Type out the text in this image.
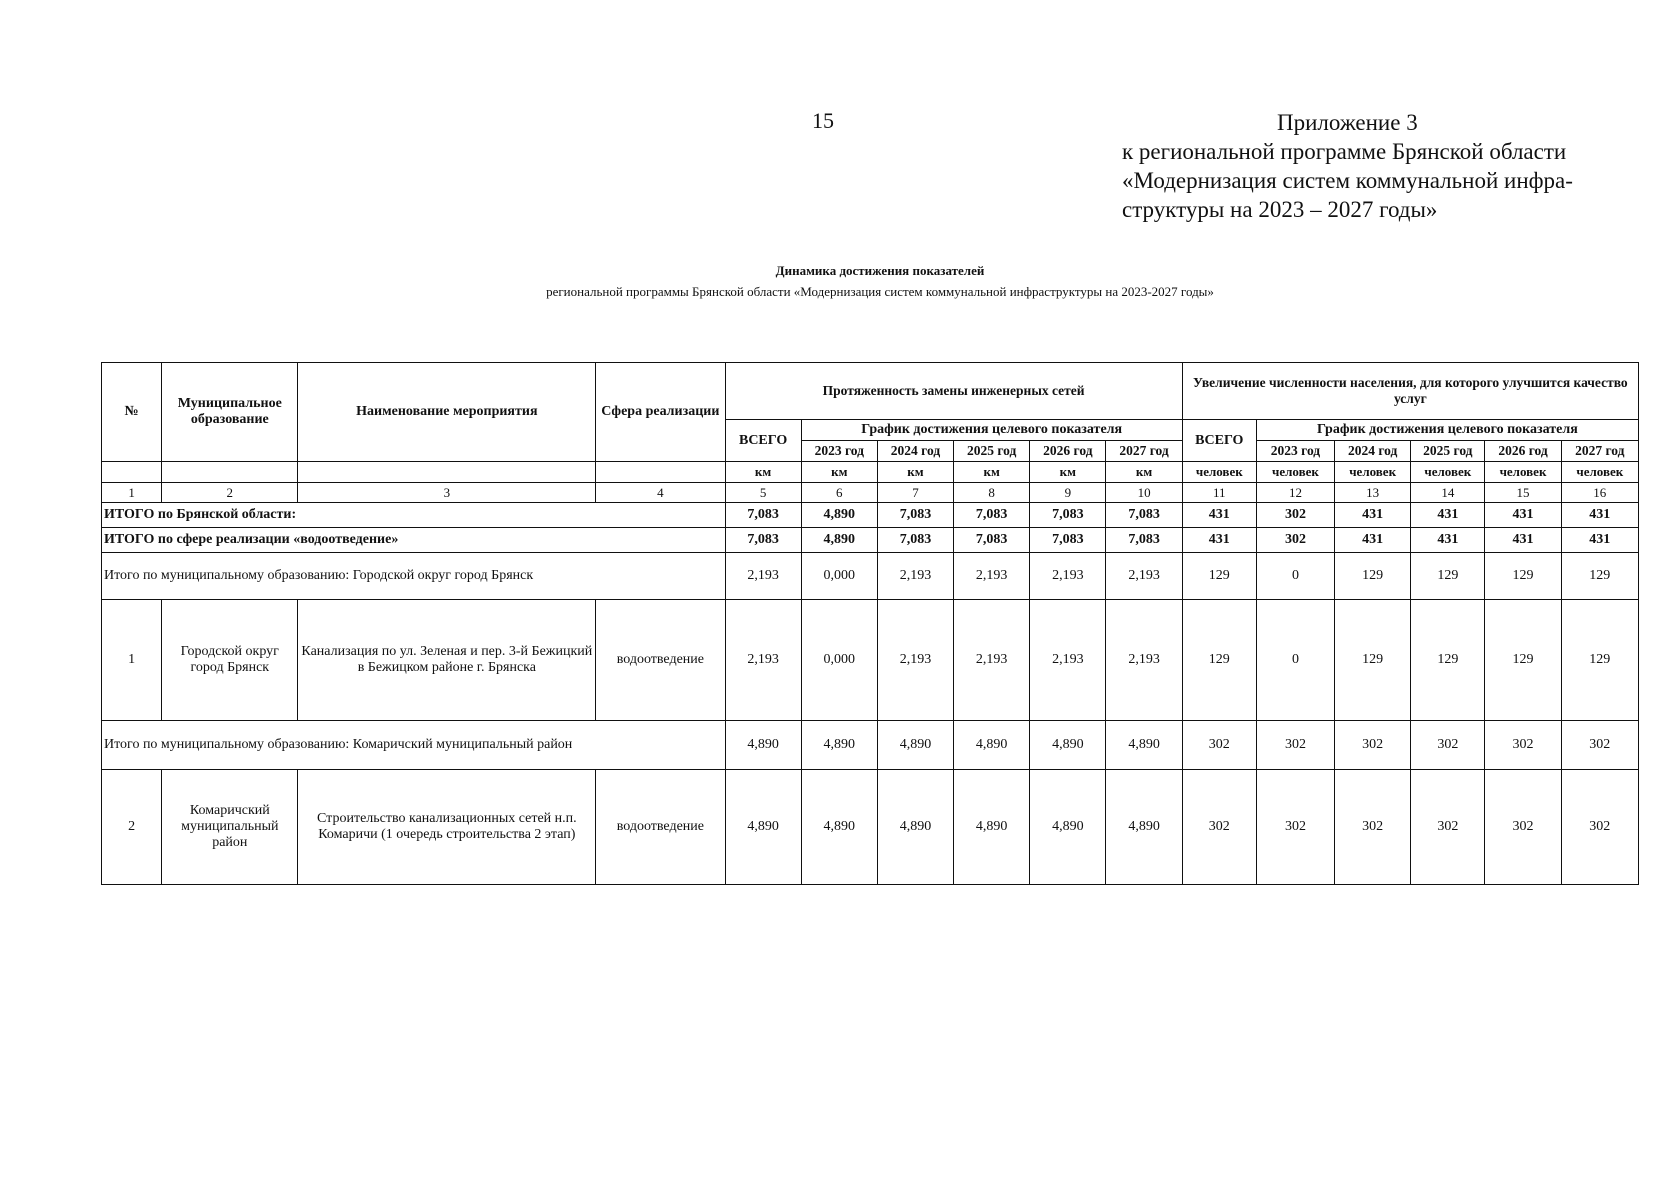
15	Приложение 3
к региональной программе Брянской области
«Модернизация систем коммунальной инфра-
структуры на 2023 – 2027 годы»
Динамика достижения показателей
региональной программы Брянской области «Модернизация систем коммунальной инфраструктуры на 2023-2027 годы»
№	Муниципальное образование	Наименование мероприятия	Сфера реализации	Протяженность замены инженерных сетей						Увеличение численности населения, для которого улучшится качество услуг					
				ВСЕГО	График достижения целевого показателя					ВСЕГО	График достижения целевого показателя				
					2023 год	2024 год	2025 год	2026 год	2027 год		2023 год	2024 год	2025 год	2026 год	2027 год
				км	км	км	км	км	км	человек	человек	человек	человек	человек	человек
1	2	3	4	5	6	7	8	9	10	11	12	13	14	15	16
ИТОГО по Брянской области:				7,083	4,890	7,083	7,083	7,083	7,083	431	302	431	431	431	431
ИТОГО по сфере реализации «водоотведение»				7,083	4,890	7,083	7,083	7,083	7,083	431	302	431	431	431	431
Итого по муниципальному образованию: Городской округ город Брянск				2,193	0,000	2,193	2,193	2,193	2,193	129	0	129	129	129	129
1	Городской округ город Брянск	Канализация по ул. Зеленая и пер. 3-й Бежицкий в Бежицком районе г. Брянска	водоотведение	2,193	0,000	2,193	2,193	2,193	2,193	129	0	129	129	129	129
Итого по муниципальному образованию: Комаричский муниципальный район				4,890	4,890	4,890	4,890	4,890	4,890	302	302	302	302	302	302
2	Комаричский муниципальный район	Строительство канализационных сетей н.п. Комаричи (1 очередь строительства 2 этап)	водоотведение	4,890	4,890	4,890	4,890	4,890	4,890	302	302	302	302	302	302
